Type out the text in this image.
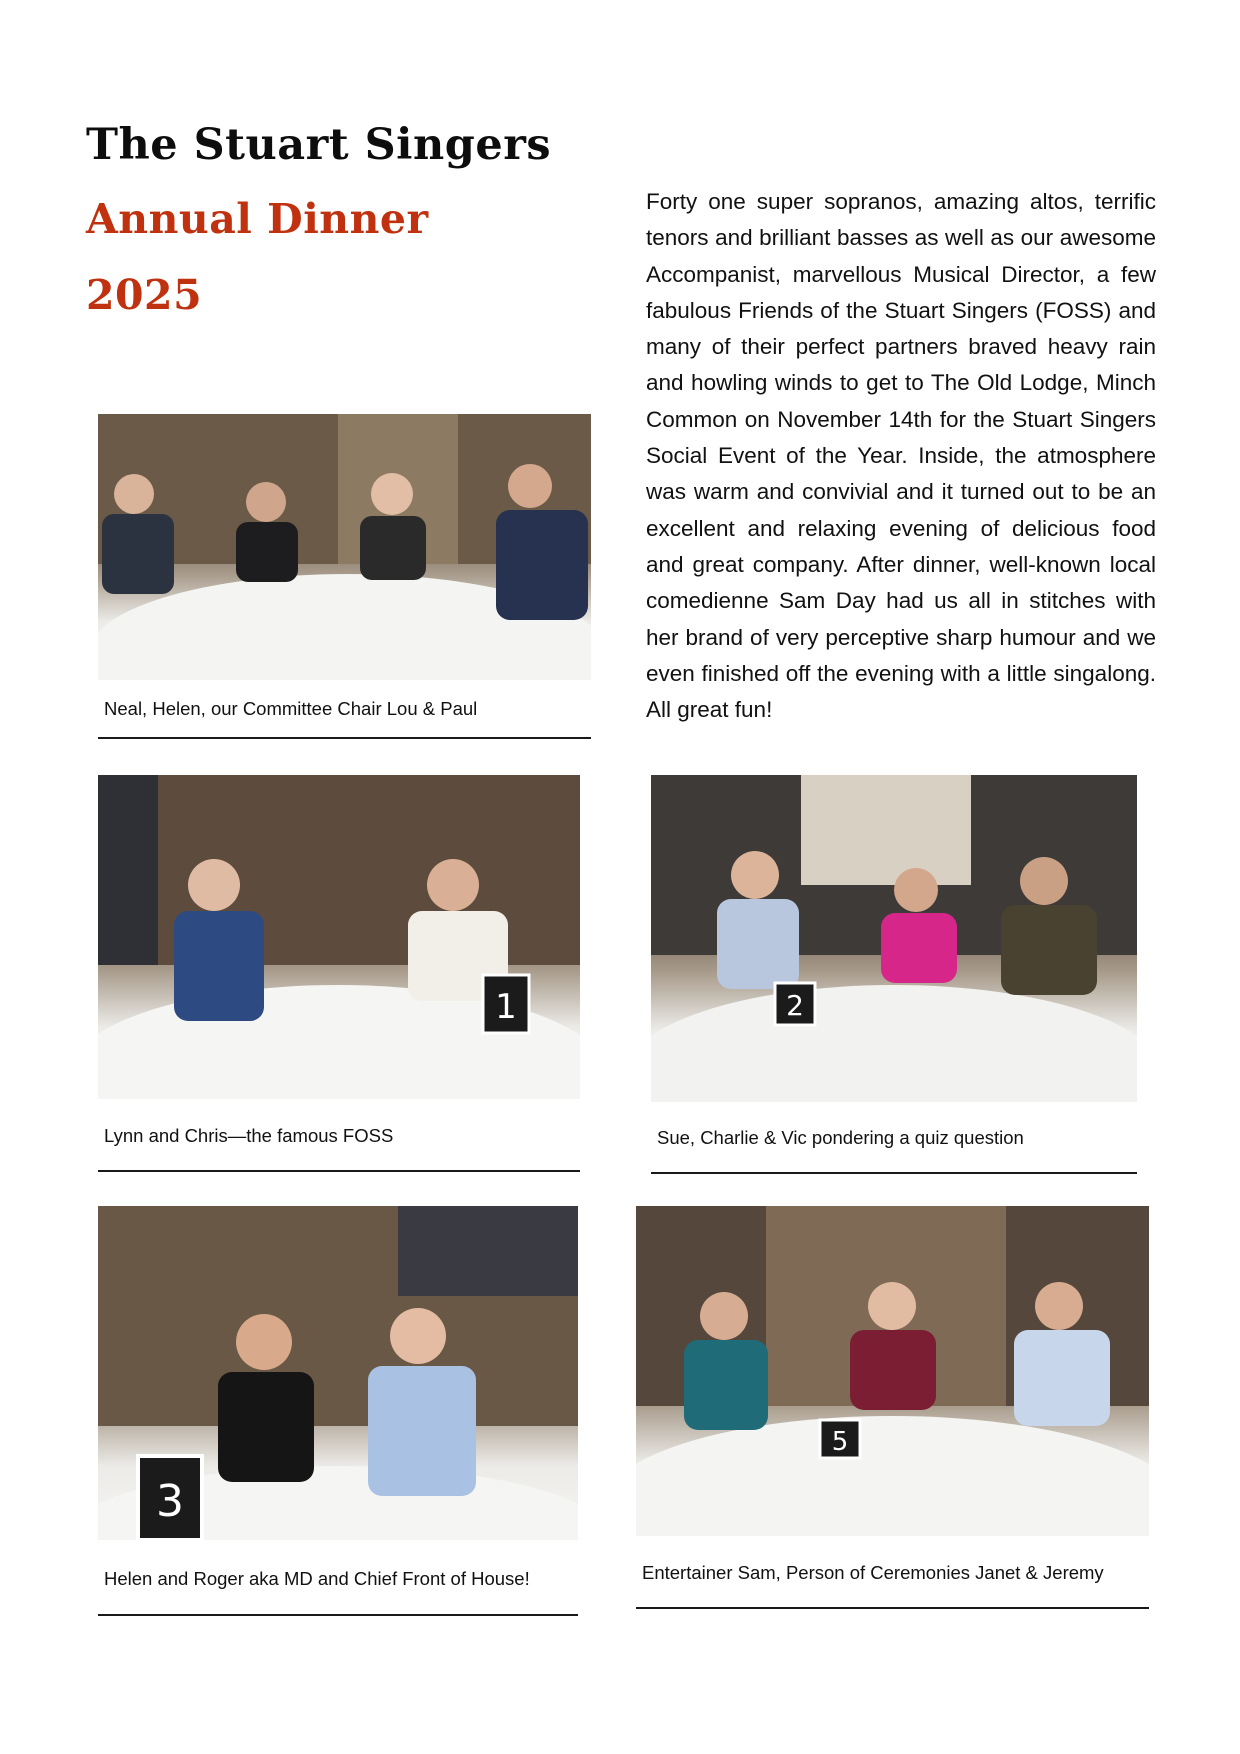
The Stuart Singers
Annual Dinner
2025

Forty one super sopranos, amazing altos, terrific tenors and brilliant basses as well as our awesome Accompanist, marvellous Musical Director, a few fabulous Friends of the Stuart Singers (FOSS) and many of their perfect partners braved heavy rain and howling winds to get to The Old Lodge, Minch Common on November 14th for the Stuart Singers Social Event of the Year. Inside, the atmosphere was warm and convivial and it turned out to be an excellent and relaxing evening of delicious food and great company. After dinner, well-known local comedienne Sam Day had us all in stitches with her brand of very perceptive sharp humour and we even finished off the evening with a little singalong. All great fun!

Neal, Helen, our Committee Chair Lou & Paul

1

Lynn and Chris—the famous FOSS

2

Sue, Charlie & Vic pondering a quiz question

3

Helen and Roger aka MD and Chief Front of House!

5

Entertainer Sam, Person of Ceremonies Janet & Jeremy
